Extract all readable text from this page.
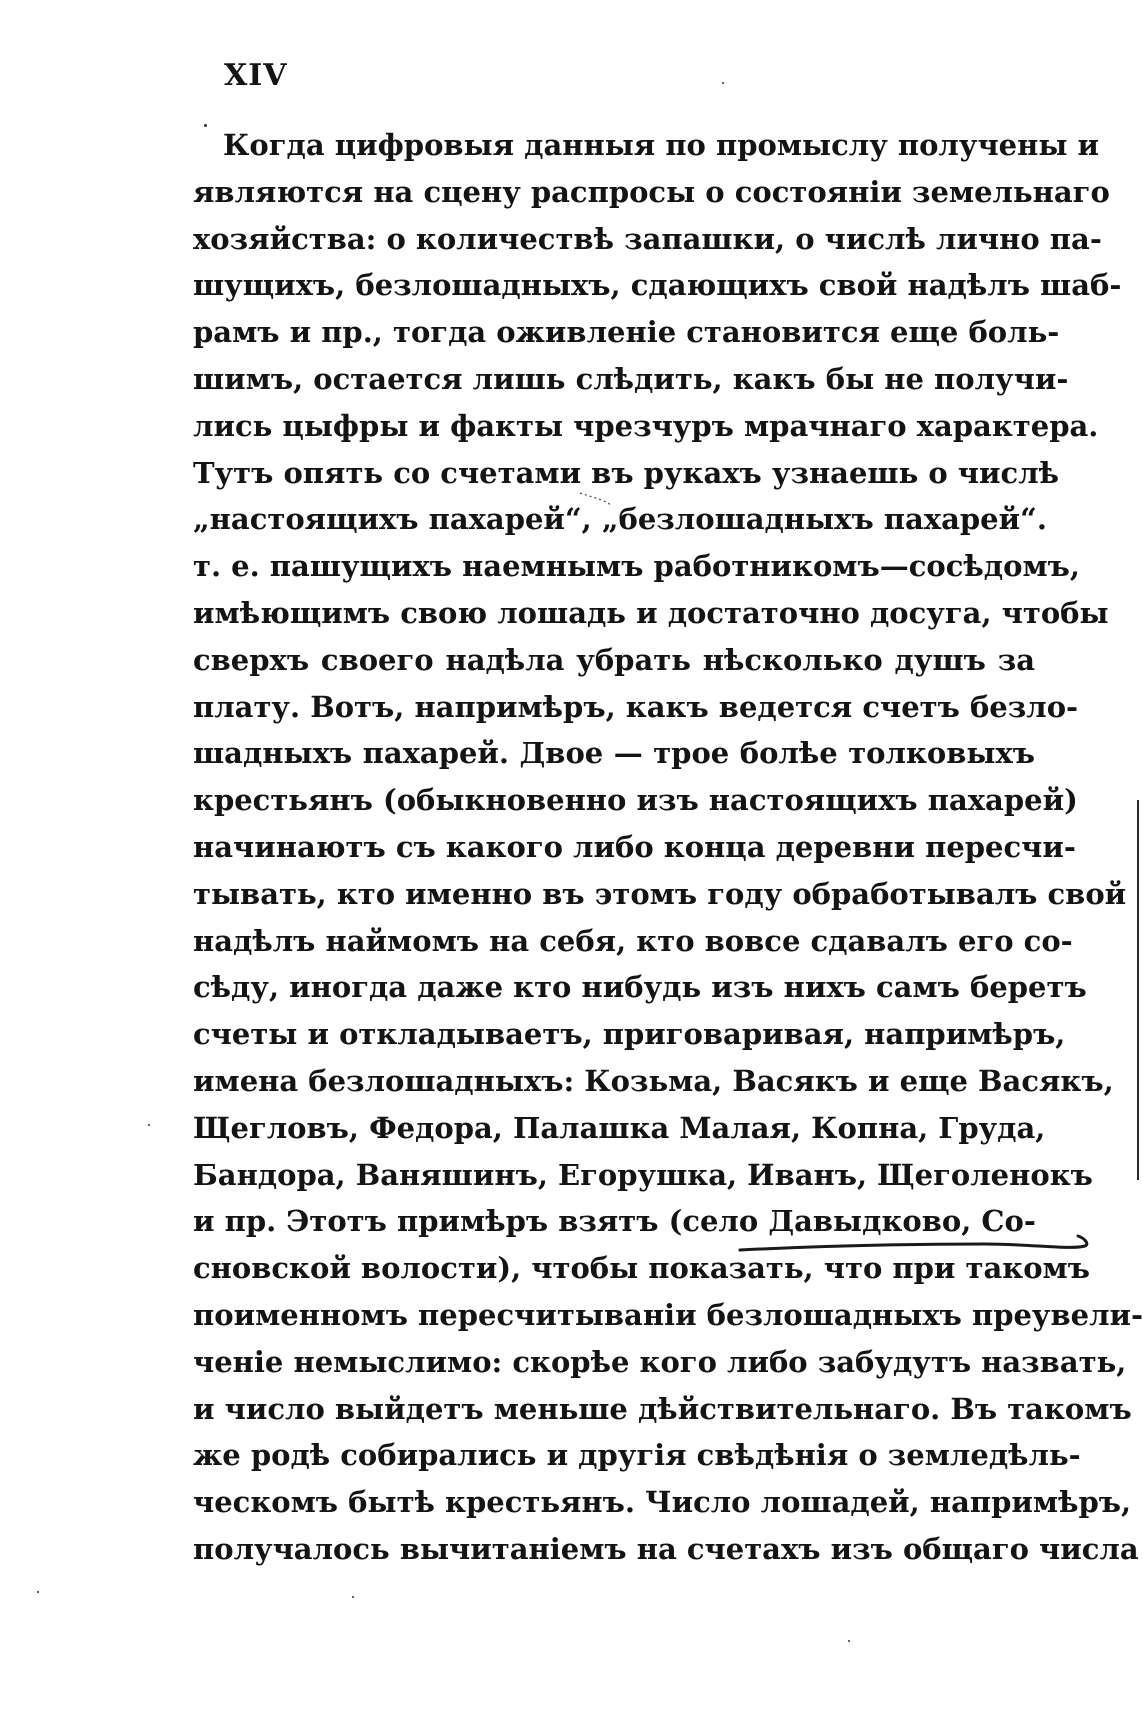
XIV

Когда цифровыя данныя по промыслу получены и
являются на сцену распросы о состоянiи земельнаго
хозяйства: о количествѣ запашки, о числѣ лично па-
шущихъ, безлошадныхъ, сдающихъ свой надѣлъ шаб-
рамъ и пр., тогда оживленiе становится еще боль-
шимъ, остается лишь слѣдить, какъ бы не получи-
лись цыфры и факты чрезчуръ мрачнаго характера.
Тутъ опять со счетами въ рукахъ узнаешь о числѣ
„настоящихъ пахарей“, „безлошадныхъ пахарей“.
т. е. пашущихъ наемнымъ работникомъ—сосѣдомъ,
имѣющимъ свою лошадь и достаточно досуга, чтобы
сверхъ своего надѣла убрать нѣсколько душъ за
плату. Вотъ, напримѣръ, какъ ведется счетъ безло-
шадныхъ пахарей. Двое — трое болѣе толковыхъ
крестьянъ (обыкновенно изъ настоящихъ пахарей)
начинаютъ съ какого либо конца деревни пересчи-
тывать, кто именно въ этомъ году обработывалъ свой
надѣлъ наймомъ на себя, кто вовсе сдавалъ его со-
сѣду, иногда даже кто нибудь изъ нихъ самъ беретъ
счеты и откладываетъ, приговаривая, напримѣръ,
имена безлошадныхъ: Козьма, Васякъ и еще Васякъ,
Щегловъ, Федора, Палашка Малая, Копна, Груда,
Бандора, Ваняшинъ, Егорушка, Иванъ, Щеголенокъ
и пр. Этотъ примѣръ взятъ (село Давыдково, Со-
сновской волости), чтобы показать, что при такомъ
поименномъ пересчитыванiи безлошадныхъ преувели-
ченiе немыслимо: скорѣе кого либо забудутъ назвать,
и число выйдетъ меньше дѣйствительнаго. Въ такомъ
же родѣ собирались и другiя свѣдѣнiя о земледѣль-
ческомъ бытѣ крестьянъ. Число лошадей, напримѣръ,
получалось вычитанiемъ на счетахъ изъ общаго числа
